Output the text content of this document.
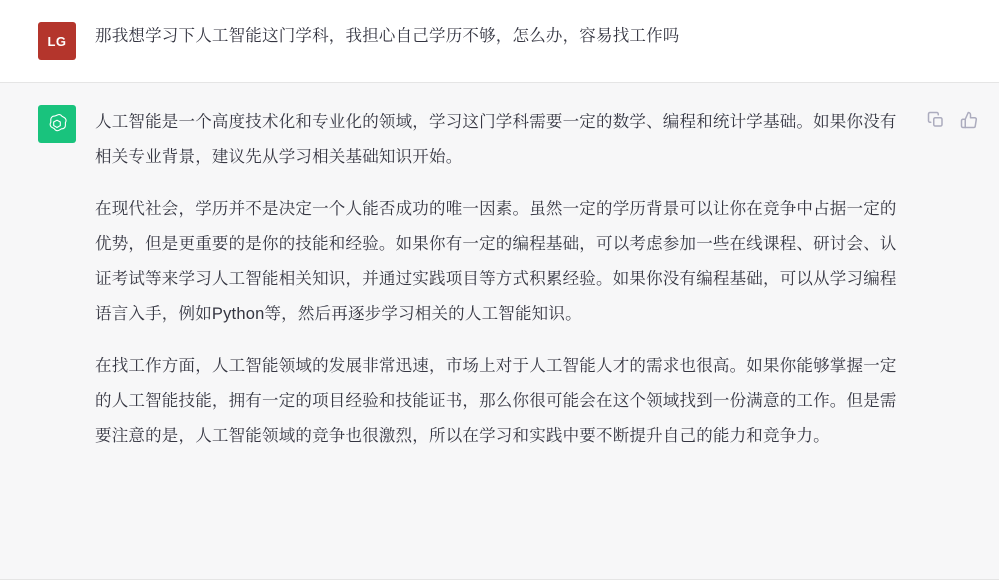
LG	那我想学习下人工智能这门学科，我担心自己学历不够，怎么办，容易找工作吗

人工智能是一个高度技术化和专业化的领域，学习这门学科需要一定的数学、编程和统计学基础。如果你没有相关专业背景，建议先从学习相关基础知识开始。

在现代社会，学历并不是决定一个人能否成功的唯一因素。虽然一定的学历背景可以让你在竞争中占据一定的优势，但是更重要的是你的技能和经验。如果你有一定的编程基础，可以考虑参加一些在线课程、研讨会、认证考试等来学习人工智能相关知识，并通过实践项目等方式积累经验。如果你没有编程基础，可以从学习编程语言入手，例如Python等，然后再逐步学习相关的人工智能知识。

在找工作方面，人工智能领域的发展非常迅速，市场上对于人工智能人才的需求也很高。如果你能够掌握一定的人工智能技能，拥有一定的项目经验和技能证书，那么你很可能会在这个领域找到一份满意的工作。但是需要注意的是，人工智能领域的竞争也很激烈，所以在学习和实践中要不断提升自己的能力和竞争力。
